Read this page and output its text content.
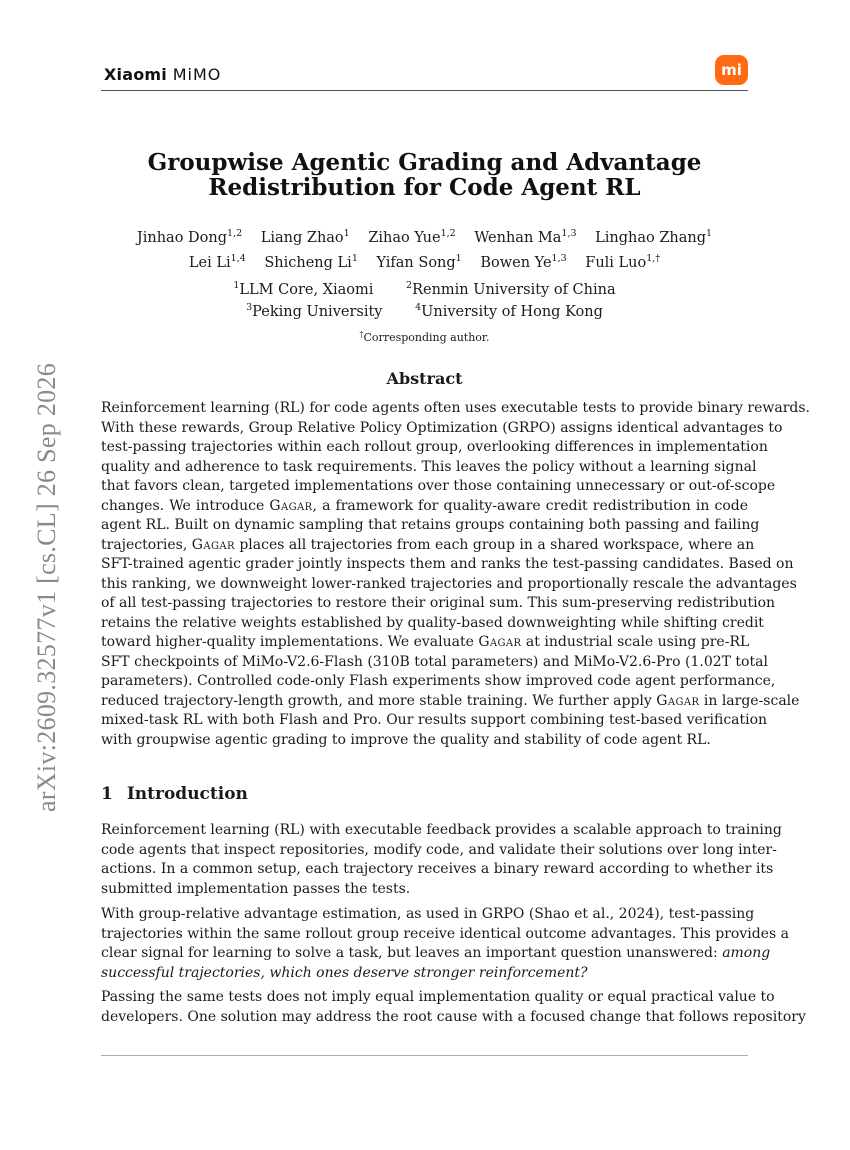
Xiaomi MiMO	mi
arXiv:2609.32577v1 [cs.CL] 26 Sep 2026
Groupwise Agentic Grading and Advantage
Redistribution for Code Agent RL
Jinhao Dong$^{1,2}$ Liang Zhao$^1$ Zihao Yue$^{1,2}$ Wenhan Ma$^{1,3}$ Linghao Zhang$^1$
Lei Li$^{1,4}$ Shicheng Li$^1$ Yifan Song$^1$ Bowen Ye$^{1,3}$ Fuli Luo$^{1,\dagger}$
$^1$LLM Core, Xiaomi	$^2$Renmin University of China
$^3$Peking University	$^4$University of Hong Kong
†Corresponding author.
Abstract
Reinforcement learning (RL) for code agents often uses executable tests to provide binary rewards.
With these rewards, Group Relative Policy Optimization (GRPO) assigns identical advantages to
test-passing trajectories within each rollout group, overlooking differences in implementation
quality and adherence to task requirements. This leaves the policy without a learning signal
that favors clean, targeted implementations over those containing unnecessary or out-of-scope
changes. We introduce Gagar, a framework for quality-aware credit redistribution in code
agent RL. Built on dynamic sampling that retains groups containing both passing and failing
trajectories, Gagar places all trajectories from each group in a shared workspace, where an
SFT-trained agentic grader jointly inspects them and ranks the test-passing candidates. Based on
this ranking, we downweight lower-ranked trajectories and proportionally rescale the advantages
of all test-passing trajectories to restore their original sum. This sum-preserving redistribution
retains the relative weights established by quality-based downweighting while shifting credit
toward higher-quality implementations. We evaluate Gagar at industrial scale using pre-RL
SFT checkpoints of MiMo-V2.6-Flash (310B total parameters) and MiMo-V2.6-Pro (1.02T total
parameters). Controlled code-only Flash experiments show improved code agent performance,
reduced trajectory-length growth, and more stable training. We further apply Gagar in large-scale
mixed-task RL with both Flash and Pro. Our results support combining test-based verification
with groupwise agentic grading to improve the quality and stability of code agent RL.
1 Introduction
Reinforcement learning (RL) with executable feedback provides a scalable approach to training
code agents that inspect repositories, modify code, and validate their solutions over long inter-
actions. In a common setup, each trajectory receives a binary reward according to whether its
submitted implementation passes the tests.
With group-relative advantage estimation, as used in GRPO (Shao et al., 2024), test-passing
trajectories within the same rollout group receive identical outcome advantages. This provides a
clear signal for learning to solve a task, but leaves an important question unanswered: among
successful trajectories, which ones deserve stronger reinforcement?
Passing the same tests does not imply equal implementation quality or equal practical value to
developers. One solution may address the root cause with a focused change that follows repository
